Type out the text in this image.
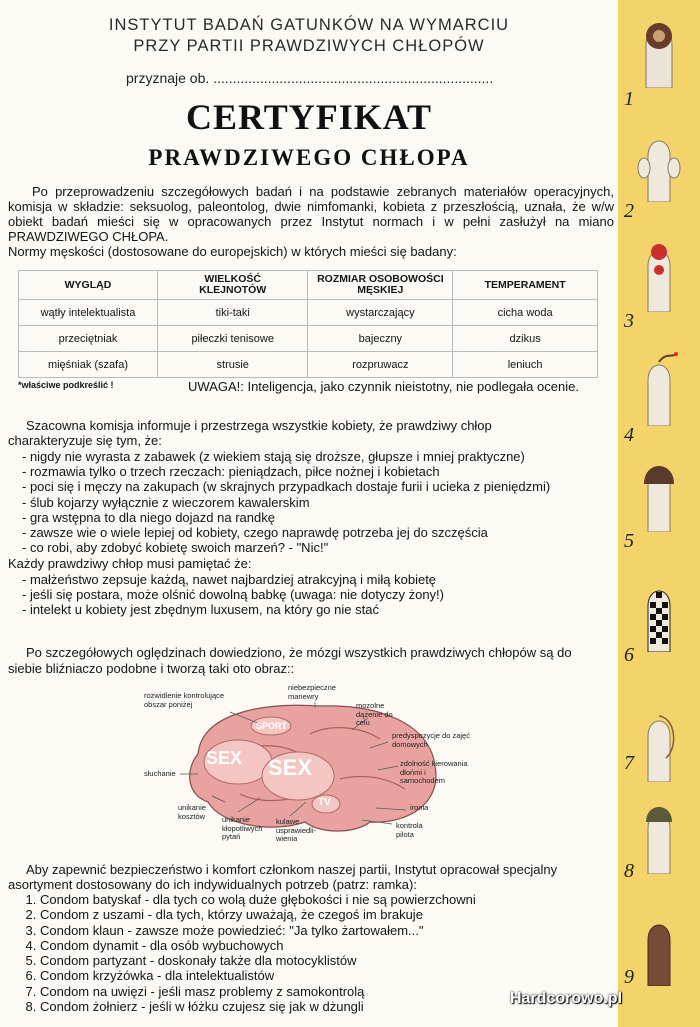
INSTYTUT BADAŃ GATUNKÓW NA WYMARCIU
PRZY PARTII PRAWDZIWYCH CHŁOPÓW
przyznaje ob. ........................................................................
CERTYFIKAT
PRAWDZIWEGO CHŁOPA
Po przeprowadzeniu szczegółowych badań i na podstawie zebranych materiałów operacyjnych, komisja w składzie: seksuolog, paleontolog, dwie nimfomanki, kobieta z przeszłością, uznała, że w/w obiekt badań mieści się w opracowanych przez Instytut normach i w pełni zasłużył na miano PRAWDZIWEGO CHŁOPA.
Normy męskości (dostosowane do europejskich) w których mieści się badany:
WYGLĄD	WIELKOŚĆ KLEJNOTÓW	ROZMIAR OSOBOWOŚCI MĘSKIEJ	TEMPERAMENT
wątły intelektualista	tiki-taki	wystarczający	cicha woda
przeciętniak	piłeczki tenisowe	bajeczny	dzikus
mięśniak (szafa)	strusie	rozpruwacz	leniuch
*właściwe podkreślić !	UWAGA!: Inteligencja, jako czynnik nieistotny, nie podlegała ocenie.
Szacowna komisja informuje i przestrzega wszystkie kobiety, że prawdziwy chłop
charakteryzuje się tym, że:
- nigdy nie wyrasta z zabawek (z wiekiem stają się droższe, głupsze i mniej praktyczne)
- rozmawia tylko o trzech rzeczach: pieniądzach, piłce nożnej i kobietach
- poci się i męczy na zakupach (w skrajnych przypadkach dostaje furii i ucieka z pieniędzmi)
- ślub kojarzy wyłącznie z wieczorem kawalerskim
- gra wstępna to dla niego dojazd na randkę
- zawsze wie o wiele lepiej od kobiety, czego naprawdę potrzeba jej do szczęścia
- co robi, aby zdobyć kobietę swoich marzeń? - "Nic!"
Każdy prawdziwy chłop musi pamiętać że:
- małżeństwo zepsuje każdą, nawet najbardziej atrakcyjną i miłą kobietę
- jeśli się postara, może olśnić dowolną babkę (uwaga: nie dotyczy żony!)
- intelekt u kobiety jest zbędnym luxusem, na który go nie stać
Po szczegółowych oględzinach dowiedziono, że mózgi wszystkich prawdziwych chłopów są do
siebie bliźniaczo podobne i tworzą taki oto obraz::
SEX SEX
SPORT
TV
rozwidlenie kontrolujące obszar poniżej
niebezpieczne manewry
mozolne dążenie do celu
predyspozycje do zajęć domowych
zdolność kierowania dłońmi i samochodem
słuchanie
unikanie kosztów	unikanie kłopotliwych pytań
kulawe usprawiedli-wienia
ironia
kontrola pilota
Aby zapewnić bezpieczeństwo i komfort członkom naszej partii, Instytut opracował specjalny
asortyment dostosowany do ich indywidualnych potrzeb (patrz: ramka):
1. Condom batyskaf - dla tych co wolą duże głębokości i nie są powierzchowni
2. Condom z uszami - dla tych, którzy uważają, że czegoś im brakuje
3. Condom klaun - zawsze może powiedzieć: "Ja tylko żartowałem..."
4. Condom dynamit - dla osób wybuchowych
5. Condom partyzant - doskonały także dla motocyklistów
6. Condom krzyżówka - dla intelektualistów
7. Condom na uwięzi - jeśli masz problemy z samokontrolą
8. Condom żołnierz - jeśli w łóżku czujesz się jak w dżungli
1
2
3
4
5
6
7
8
9
Hardcorowo.pl
